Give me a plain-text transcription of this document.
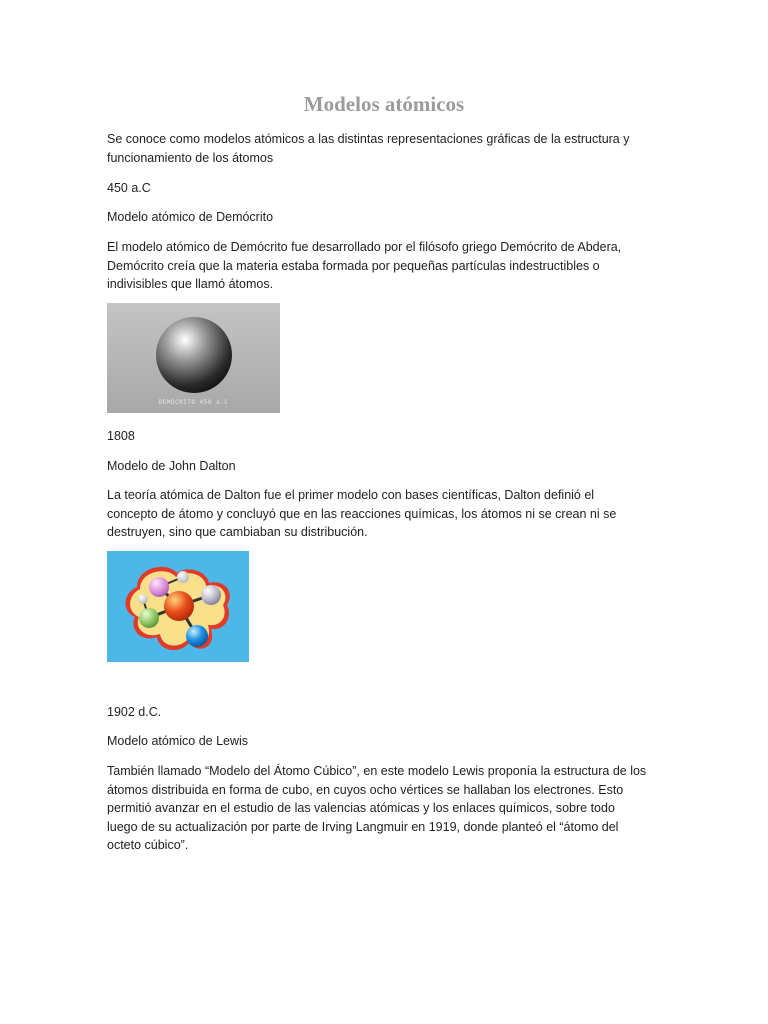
Modelos atómicos

Se conoce como modelos atómicos a las distintas representaciones gráficas de la estructura y funcionamiento de los átomos

450 a.C

Modelo atómico de Demócrito

El modelo atómico de Demócrito fue desarrollado por el filósofo griego Demócrito de Abdera, Demócrito creía que la materia estaba formada por pequeñas partículas indestructibles o indivisibles que llamó átomos.

DEMÓCRITO 450 a.C

1808

Modelo de John Dalton

La teoría atómica de Dalton fue el primer modelo con bases científicas, Dalton definió el concepto de átomo y concluyó que en las reacciones químicas, los átomos ni se crean ni se destruyen, sino que cambiaban su distribución.

1902 d.C.

Modelo atómico de Lewis

También llamado “Modelo del Átomo Cúbico”, en este modelo Lewis proponía la estructura de los átomos distribuida en forma de cubo, en cuyos ocho vértices se hallaban los electrones. Esto permitió avanzar en el estudio de las valencias atómicas y los enlaces químicos, sobre todo luego de su actualización por parte de Irving Langmuir en 1919, donde planteó el “átomo del octeto cúbico”.
